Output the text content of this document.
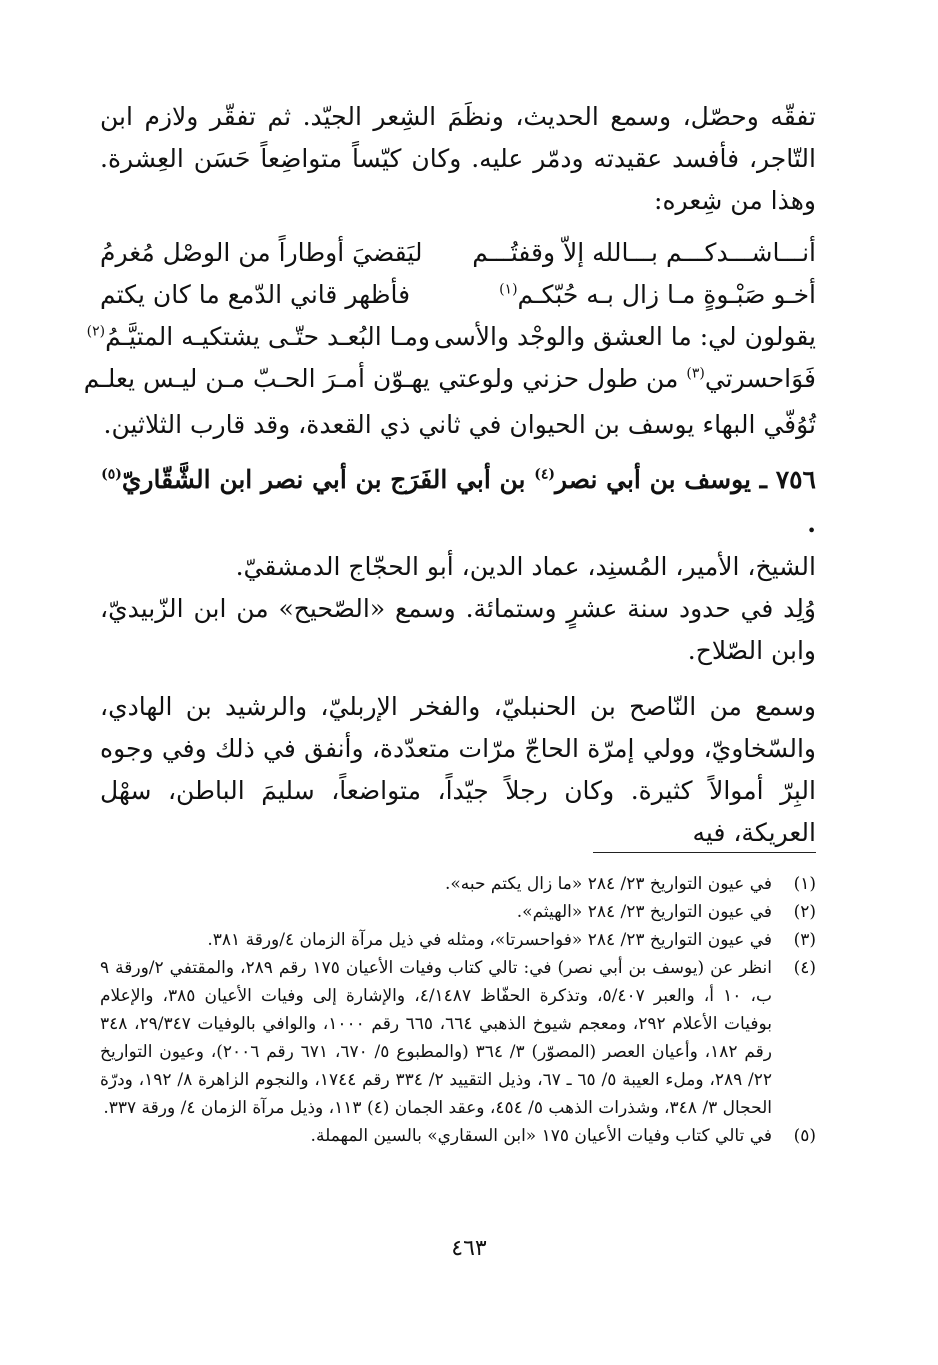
تفقّه وحصّل، وسمع الحديث، ونظَمَ الشِعر الجيّد. ثم تفقّر ولازم ابن التّاجر، فأفسد عقيدته ودمّر عليه. وكان كيّساً متواضِعاً حَسَن العِشرة. وهذا من شِعره:

أنـــاشـــدكـــم بـــالله إلاّ وقفتُـــم
ليَقضيَ أوطاراً من الوصْل مُغرمُ
أخـو صَبْـوةٍ مـا زال بـه حُبّكـم$^{(١)}$
فأظهر قاني الدّمع ما كان يكتم
يقولون لي: ما العشق والوجْد والأسى
ومـا البُعـد حتّـى يشتكيـه المتيَّـمُ$^{(٢)}$
فَوَاحسرتي$^{(٣)}$ من طول حزني ولوعتي
يهـوّن أمـرَ الحـبّ مـن ليـس يعلـم

تُوُفّي البهاء يوسف بن الحيوان في ثاني ذي القعدة، وقد قارب الثلاثين.

٧٥٦ ـ يوسف بن أبي نصر$^{(٤)}$ بن أبي الفَرَج بن أبي نصر ابن الشَّقّاريّ$^{(٥)}$ .

الشيخ، الأمير، المُسنِد، عماد الدين، أبو الحجّاج الدمشقيّ.

وُلِد في حدود سنة عشرٍ وستمائة. وسمع «الصّحيح» من ابن الزّبيديّ، وابن الصّلاح.

وسمع من النّاصح بن الحنبليّ، والفخر الإربليّ، والرشيد بن الهادي، والسّخاويّ، وولي إمرّة الحاجّ مرّات متعدّدة، وأنفق في ذلك وفي وجوه البِرّ أموالاً كثيرة. وكان رجلاً جيّداً، متواضعاً، سليمَ الباطن، سهْل العريكة، فيه

(١)
في عيون التواريخ ٢٣/ ٢٨٤ «ما زال يكتم حبه».
(٢)
في عيون التواريخ ٢٣/ ٢٨٤ «الهيثم».
(٣)
في عيون التواريخ ٢٣/ ٢٨٤ «فواحسرتا»، ومثله في ذيل مرآة الزمان ٤/ورقة ٣٨١.
(٤)
انظر عن (يوسف بن أبي نصر) في: تالي كتاب وفيات الأعيان ١٧٥ رقم ٢٨٩، والمقتفي ٢/ورقة ٩ ب، ١٠ أ، والعبر ٥/٤٠٧، وتذكرة الحفّاظ ٤/١٤٨٧، والإشارة إلى وفيات الأعيان ٣٨٥، والإعلام بوفيات الأعلام ٢٩٢، ومعجم شيوخ الذهبي ٦٦٤، ٦٦٥ رقم ١٠٠٠، والوافي بالوفيات ٢٩/٣٤٧، ٣٤٨ رقم ١٨٢، وأعيان العصر (المصوّر) ٣/ ٣٦٤ (والمطبوع ٥/ ٦٧٠، ٦٧١ رقم ٢٠٠٦)، وعيون التواريخ ٢٢/ ٢٨٩، وملء العيبة ٥/ ٦٥ ـ ٦٧، وذيل التقييد ٢/ ٣٣٤ رقم ١٧٤٤، والنجوم الزاهرة ٨/ ١٩٢، ودرّة الحجال ٣/ ٣٤٨، وشذرات الذهب ٥/ ٤٥٤، وعقد الجمان (٤) ١١٣، وذيل مرآة الزمان ٤/ ورقة ٣٣٧.
(٥)
في تالي كتاب وفيات الأعيان ١٧٥ «ابن السقاري» بالسين المهملة.
٤٦٣
